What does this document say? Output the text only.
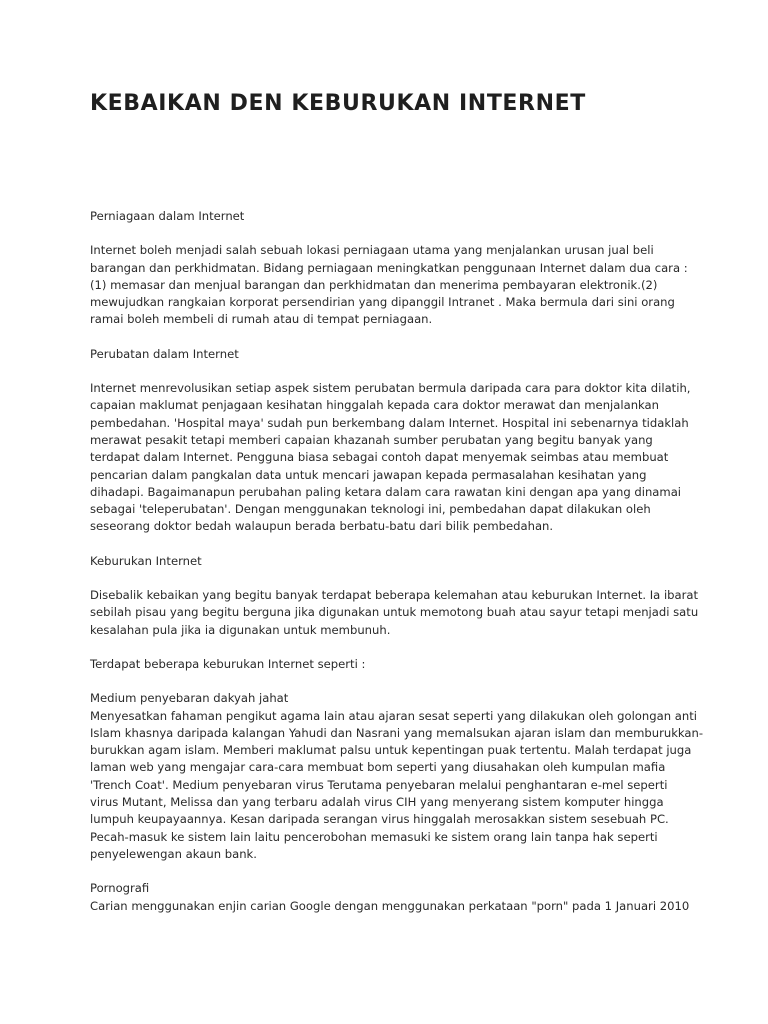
KEBAIKAN DEN KEBURUKAN INTERNET

Perniagaan dalam Internet

Internet boleh menjadi salah sebuah lokasi perniagaan utama yang menjalankan urusan jual beli
barangan dan perkhidmatan. Bidang perniagaan meningkatkan penggunaan Internet dalam dua cara :
(1) memasar dan menjual barangan dan perkhidmatan dan menerima pembayaran elektronik.(2)
mewujudkan rangkaian korporat persendirian yang dipanggil Intranet . Maka bermula dari sini orang
ramai boleh membeli di rumah atau di tempat perniagaan.

Perubatan dalam Internet

Internet menrevolusikan setiap aspek sistem perubatan bermula daripada cara para doktor kita dilatih,
capaian maklumat penjagaan kesihatan hinggalah kepada cara doktor merawat dan menjalankan
pembedahan. 'Hospital maya' sudah pun berkembang dalam Internet. Hospital ini sebenarnya tidaklah
merawat pesakit tetapi memberi capaian khazanah sumber perubatan yang begitu banyak yang
terdapat dalam Internet. Pengguna biasa sebagai contoh dapat menyemak seimbas atau membuat
pencarian dalam pangkalan data untuk mencari jawapan kepada permasalahan kesihatan yang
dihadapi. Bagaimanapun perubahan paling ketara dalam cara rawatan kini dengan apa yang dinamai
sebagai 'teleperubatan'. Dengan menggunakan teknologi ini, pembedahan dapat dilakukan oleh
seseorang doktor bedah walaupun berada berbatu-batu dari bilik pembedahan.

Keburukan Internet

Disebalik kebaikan yang begitu banyak terdapat beberapa kelemahan atau keburukan Internet. Ia ibarat
sebilah pisau yang begitu berguna jika digunakan untuk memotong buah atau sayur tetapi menjadi satu
kesalahan pula jika ia digunakan untuk membunuh.

Terdapat beberapa keburukan Internet seperti :

Medium penyebaran dakyah jahat
Menyesatkan fahaman pengikut agama lain atau ajaran sesat seperti yang dilakukan oleh golongan anti
Islam khasnya daripada kalangan Yahudi dan Nasrani yang memalsukan ajaran islam dan memburukkan-
burukkan agam islam. Memberi maklumat palsu untuk kepentingan puak tertentu. Malah terdapat juga
laman web yang mengajar cara-cara membuat bom seperti yang diusahakan oleh kumpulan mafia
'Trench Coat'. Medium penyebaran virus Terutama penyebaran melalui penghantaran e-mel seperti
virus Mutant, Melissa dan yang terbaru adalah virus CIH yang menyerang sistem komputer hingga
lumpuh keupayaannya. Kesan daripada serangan virus hinggalah merosakkan sistem sesebuah PC.
Pecah-masuk ke sistem lain laitu pencerobohan memasuki ke sistem orang lain tanpa hak seperti
penyelewengan akaun bank.

Pornografi
Carian menggunakan enjin carian Google dengan menggunakan perkataan "porn" pada 1 Januari 2010
